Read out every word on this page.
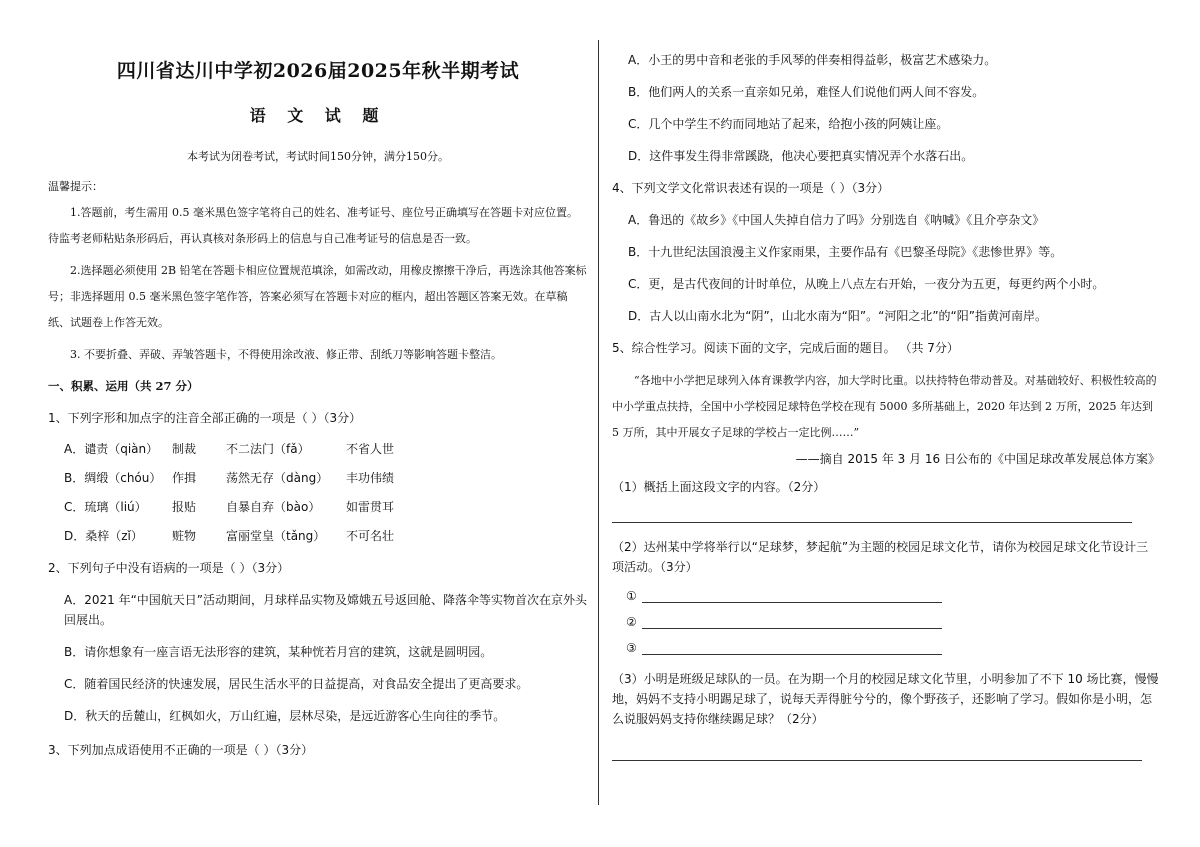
四川省达川中学初2026届2025年秋半期考试
语 文 试 题
本考试为闭卷考试，考试时间150分钟，满分150分。
温馨提示：
1.答题前，考生需用 0.5 毫米黑色签字笔将自己的姓名、准考证号、座位号正确填写在答题卡对应位置。待监考老师粘贴条形码后，再认真核对条形码上的信息与自己准考证号的信息是否一致。
2.选择题必须使用 2B 铅笔在答题卡相应位置规范填涂，如需改动，用橡皮擦擦干净后，再选涂其他答案标号；非选择题用 0.5 毫米黑色签字笔作答，答案必须写在答题卡对应的框内，超出答题区答案无效。在草稿纸、试题卷上作答无效。
3. 不要折叠、弄破、弄皱答题卡，不得使用涂改液、修正带、刮纸刀等影响答题卡整洁。
一、积累、运用（共 27 分）
1、下列字形和加点字的注音全部正确的一项是（ ）（3分）
A．谴责（qiàn）	制裁	不二法门（fǎ）	不省人世
B．绸缎（chóu） 作揖	荡然无存（dàng）	丰功伟绩
C．琉璃（liú）	报贴	自暴自弃（bào）	如雷贯耳
D．桑梓（zǐ）	赃物	富丽堂皇（tǎng）	不可名壮
2、下列句子中没有语病的一项是（ ）（3分）
A．2021 年“中国航天日”活动期间，月球样品实物及嫦娥五号返回舱、降落伞等实物首次在京外头回展出。
B．请你想象有一座言语无法形容的建筑，某种恍若月宫的建筑，这就是圆明园。
C．随着国民经济的快速发展，居民生活水平的日益提高，对食品安全提出了更高要求。
D．秋天的岳麓山，红枫如火，万山红遍，层林尽染，是远近游客心生向往的季节。
3、下列加点成语使用不正确的一项是（ ）（3分）
A．小王的男中音和老张的手风琴的伴奏相得益彰，极富艺术感染力。
B．他们两人的关系一直亲如兄弟，难怪人们说他们两人间不容发。
C．几个中学生不约而同地站了起来，给抱小孩的阿姨让座。
D．这件事发生得非常蹊跷，他决心要把真实情况弄个水落石出。
4、下列文学文化常识表述有误的一项是（ ）（3分）
A．鲁迅的《故乡》《中国人失掉自信力了吗》分别选自《呐喊》《且介亭杂文》
B．十九世纪法国浪漫主义作家雨果，主要作品有《巴黎圣母院》《悲惨世界》等。
C．更，是古代夜间的计时单位，从晚上八点左右开始，一夜分为五更，每更约两个小时。
D．古人以山南水北为“阴”，山北水南为“阳”。“河阳之北”的“阳”指黄河南岸。
5、综合性学习。阅读下面的文字，完成后面的题目。 （共 7分）
“各地中小学把足球列入体育课教学内容，加大学时比重。以扶持特色带动普及。对基础较好、积极性较高的中小学重点扶持，全国中小学校园足球特色学校在现有 5000 多所基础上，2020 年达到 2 万所，2025 年达到 5 万所，其中开展女子足球的学校占一定比例……”
——摘自 2015 年 3 月 16 日公布的《中国足球改革发展总体方案》
（1）概括上面这段文字的内容。（2分）
（2）达州某中学将举行以“足球梦，梦起航”为主题的校园足球文化节，请你为校园足球文化节设计三项活动。（3分）
①
②
③
（3）小明是班级足球队的一员。在为期一个月的校园足球文化节里，小明参加了不下 10 场比赛，慢慢地，妈妈不支持小明踢足球了，说每天弄得脏兮兮的，像个野孩子，还影响了学习。假如你是小明，怎么说服妈妈支持你继续踢足球？（2分）
